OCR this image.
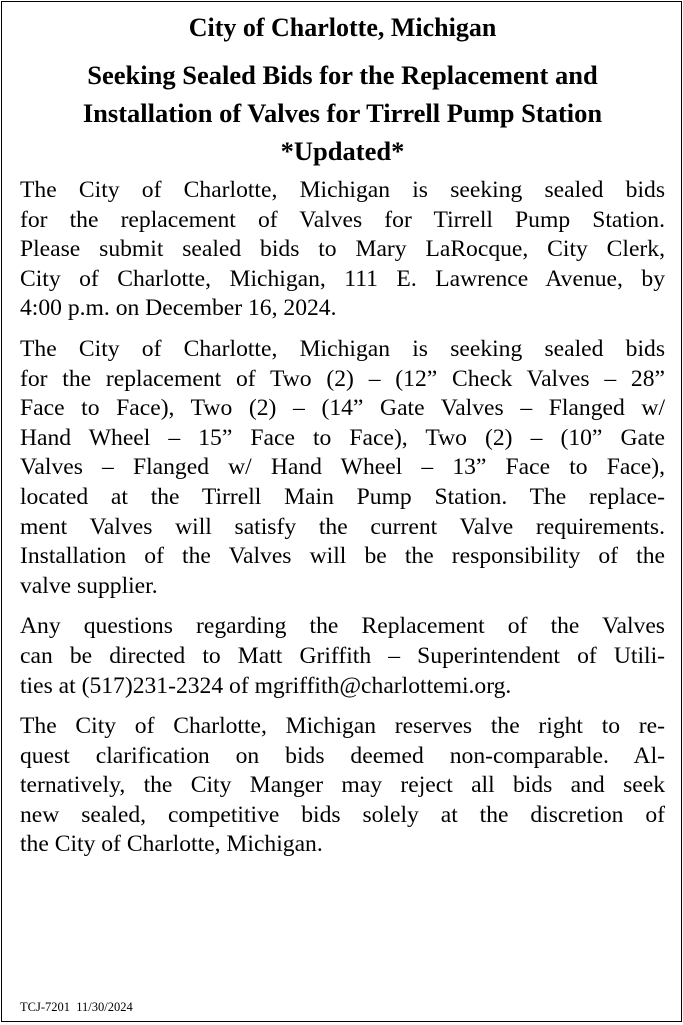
City of Charlotte, Michigan
Seeking Sealed Bids for the Replacement and
Installation of Valves for Tirrell Pump Station
*Updated*
The City of Charlotte, Michigan is seeking sealed bids
for the replacement of Valves for Tirrell Pump Station.
Please submit sealed bids to Mary LaRocque, City Clerk,
City of Charlotte, Michigan, 111 E. Lawrence Avenue, by
4:00 p.m. on December 16, 2024.
The City of Charlotte, Michigan is seeking sealed bids
for the replacement of Two (2) – (12” Check Valves – 28”
Face to Face), Two (2) – (14” Gate Valves – Flanged w/
Hand Wheel – 15” Face to Face), Two (2) – (10” Gate
Valves – Flanged w/ Hand Wheel – 13” Face to Face),
located at the Tirrell Main Pump Station. The replace-
ment Valves will satisfy the current Valve requirements.
Installation of the Valves will be the responsibility of the
valve supplier.
Any questions regarding the Replacement of the Valves
can be directed to Matt Griffith – Superintendent of Utili-
ties at (517)231-2324 of mgriffith@charlottemi.org.
The City of Charlotte, Michigan reserves the right to re-
quest clarification on bids deemed non-comparable. Al-
ternatively, the City Manger may reject all bids and seek
new sealed, competitive bids solely at the discretion of
the City of Charlotte, Michigan.
TCJ-7201  11/30/2024
